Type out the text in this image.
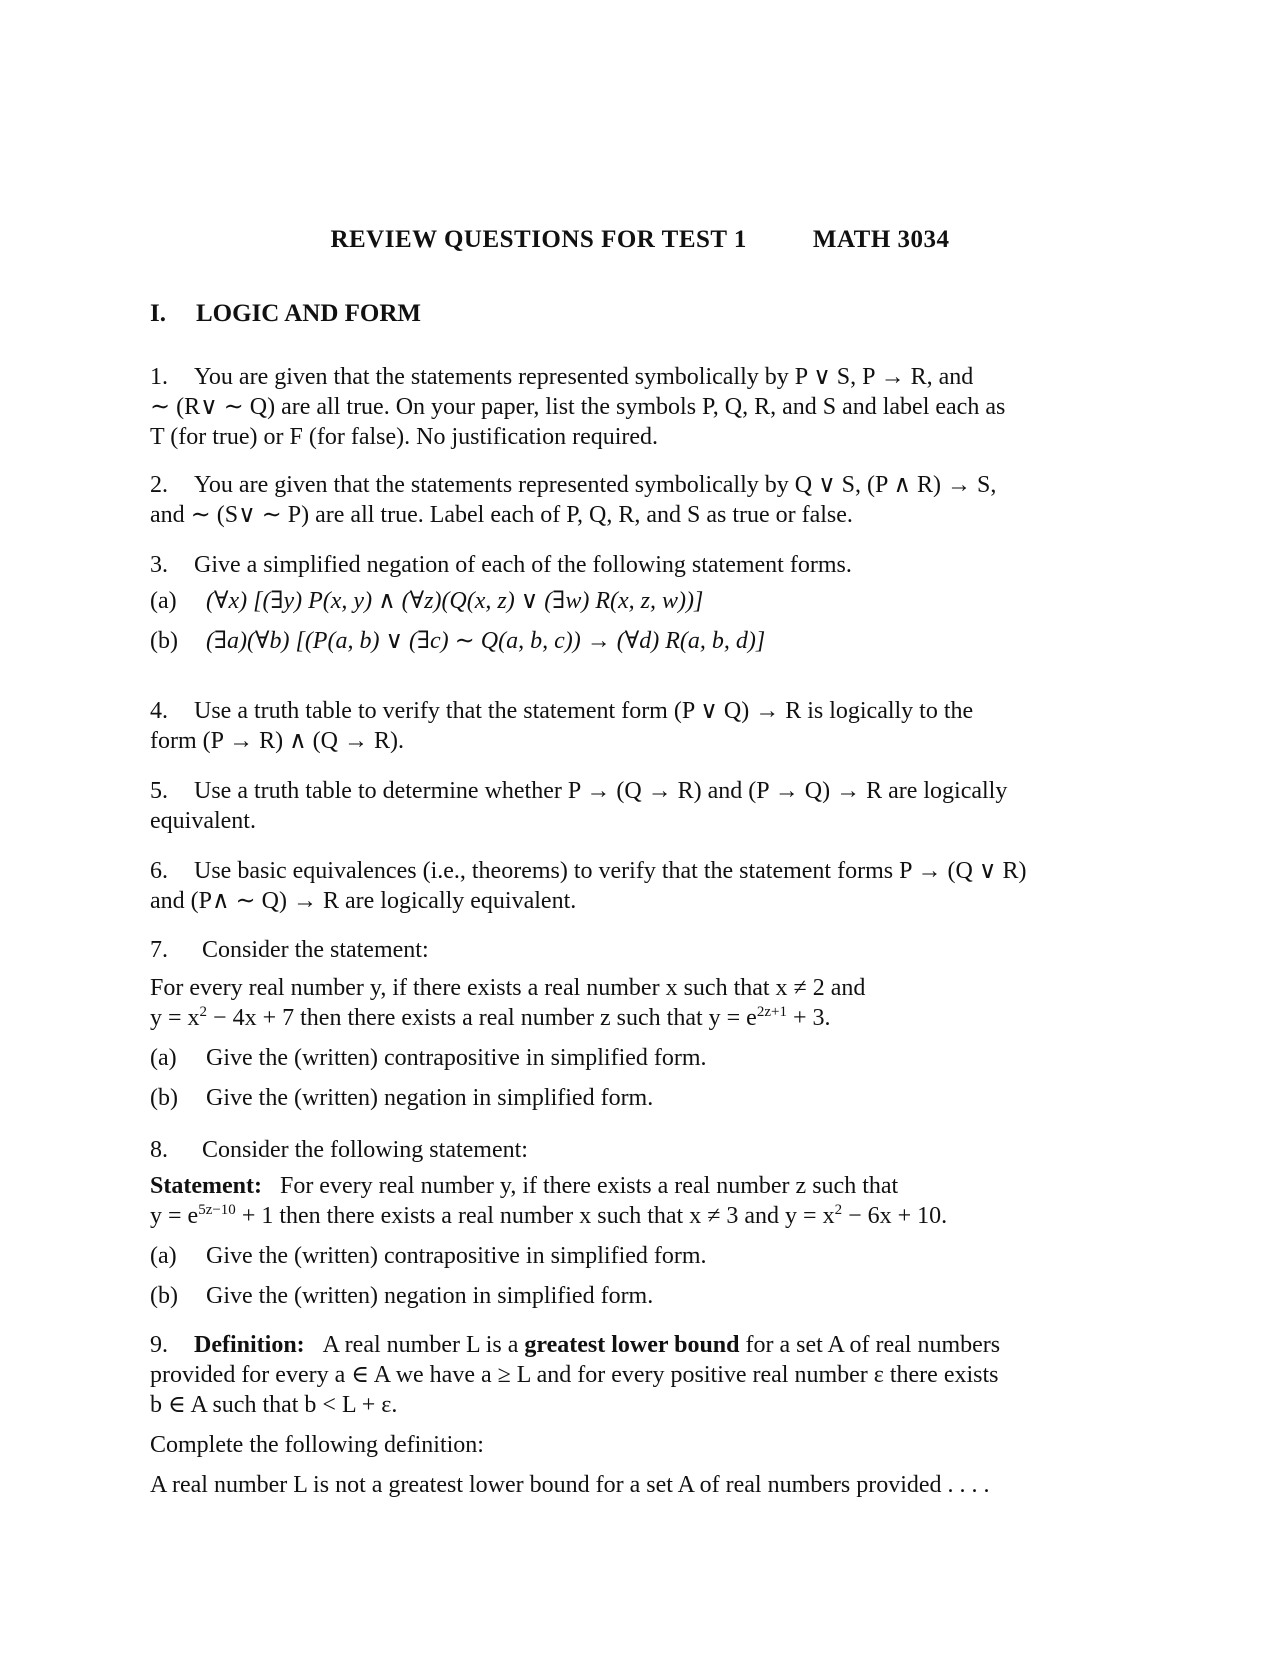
REVIEW QUESTIONS FOR TEST 1	MATH 3034
I. LOGIC AND FORM
1. You are given that the statements represented symbolically by P ∨ S, P → R, and
∼ (R∨ ∼ Q) are all true. On your paper, list the symbols P, Q, R, and S and label each as
T (for true) or F (for false). No justification required.
2. You are given that the statements represented symbolically by Q ∨ S, (P ∧ R) → S,
and ∼ (S∨ ∼ P) are all true. Label each of P, Q, R, and S as true or false.
3. Give a simplified negation of each of the following statement forms.
(a) (∀x) [(∃y) P(x, y) ∧ (∀z)(Q(x, z) ∨ (∃w) R(x, z, w))]
(b) (∃a)(∀b) [(P(a, b) ∨ (∃c) ∼ Q(a, b, c)) → (∀d) R(a, b, d)]
4. Use a truth table to verify that the statement form (P ∨ Q) → R is logically to the
form (P → R) ∧ (Q → R).
5. Use a truth table to determine whether P → (Q → R) and (P → Q) → R are logically
equivalent.
6. Use basic equivalences (i.e., theorems) to verify that the statement forms P → (Q ∨ R)
and (P∧ ∼ Q) → R are logically equivalent.
7. Consider the statement:
For every real number y, if there exists a real number x such that x ≠ 2 and
$y = x^2 - 4x + 7$ then there exists a real number z such that $y = e^{2z+1} + 3$.
(a) Give the (written) contrapositive in simplified form.
(b) Give the (written) negation in simplified form.
8. Consider the following statement:
Statement: For every real number y, if there exists a real number z such that
$y = e^{5z-10} + 1$ then there exists a real number x such that x ≠ 3 and $y = x^2 - 6x + 10$.
(a) Give the (written) contrapositive in simplified form.
(b) Give the (written) negation in simplified form.
9. Definition: A real number L is a greatest lower bound for a set A of real numbers
provided for every a ∈ A we have a ≥ L and for every positive real number ε there exists
b ∈ A such that b < L + ε.
Complete the following definition:
A real number L is not a greatest lower bound for a set A of real numbers provided . . . .
